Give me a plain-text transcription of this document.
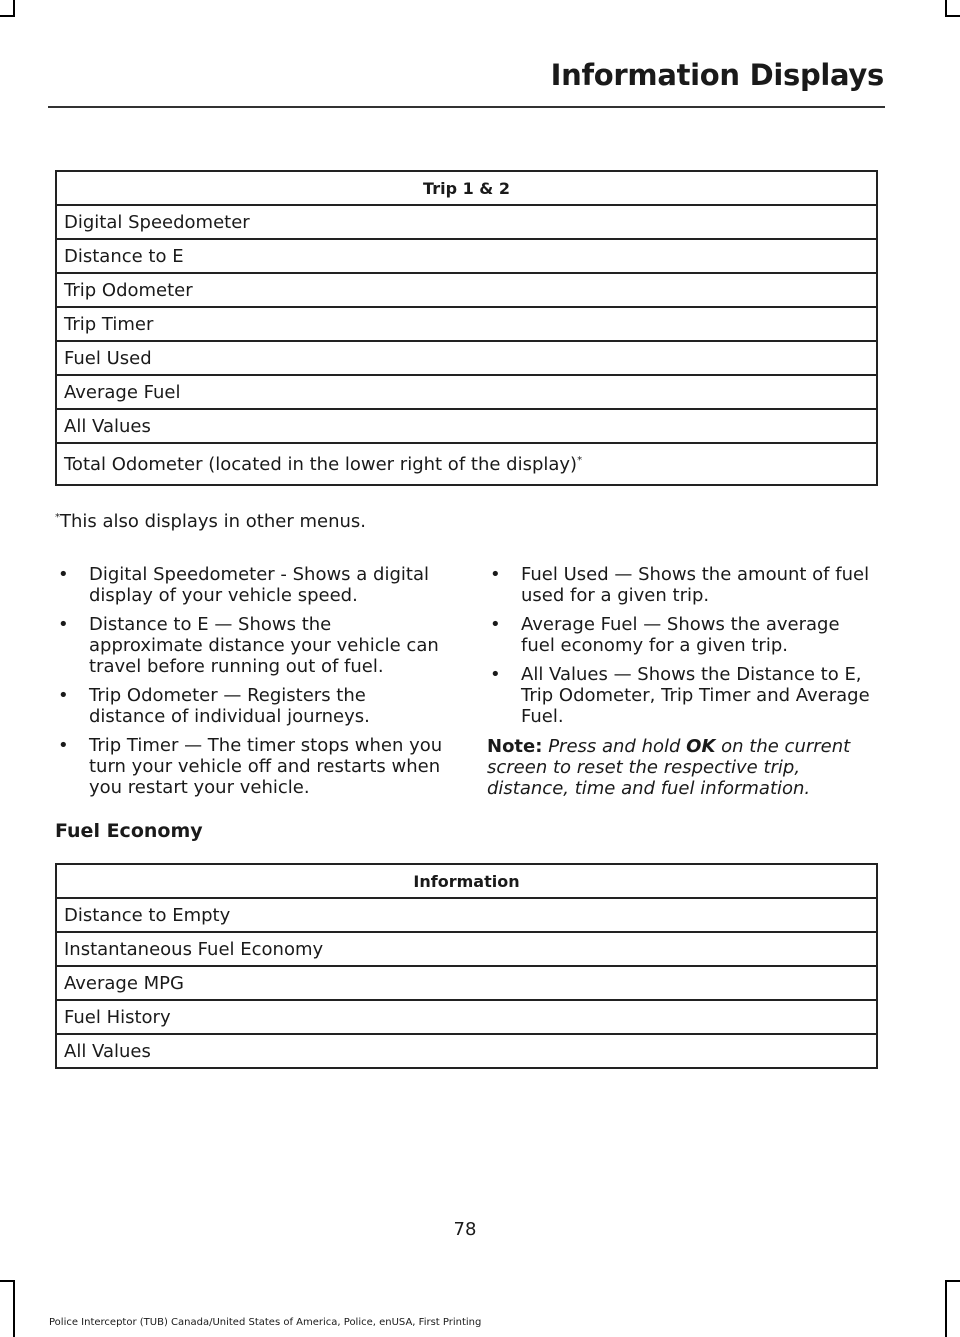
Information Displays
Trip 1 & 2
Digital Speedometer
Distance to E
Trip Odometer
Trip Timer
Fuel Used
Average Fuel
All Values
Total Odometer (located in the lower right of the display)*
*This also displays in other menus.
• Digital Speedometer - Shows a digital display of your vehicle speed.
• Distance to E — Shows the approximate distance your vehicle can travel before running out of fuel.
• Trip Odometer — Registers the distance of individual journeys.
• Trip Timer — The timer stops when you turn your vehicle off and restarts when you restart your vehicle.
• Fuel Used — Shows the amount of fuel used for a given trip.
• Average Fuel — Shows the average fuel economy for a given trip.
• All Values — Shows the Distance to E, Trip Odometer, Trip Timer and Average Fuel.
Note: Press and hold OK on the current screen to reset the respective trip, distance, time and fuel information.
Fuel Economy
Information
Distance to Empty
Instantaneous Fuel Economy
Average MPG
Fuel History
All Values
78
Police Interceptor (TUB) Canada/United States of America, Police, enUSA, First Printing
